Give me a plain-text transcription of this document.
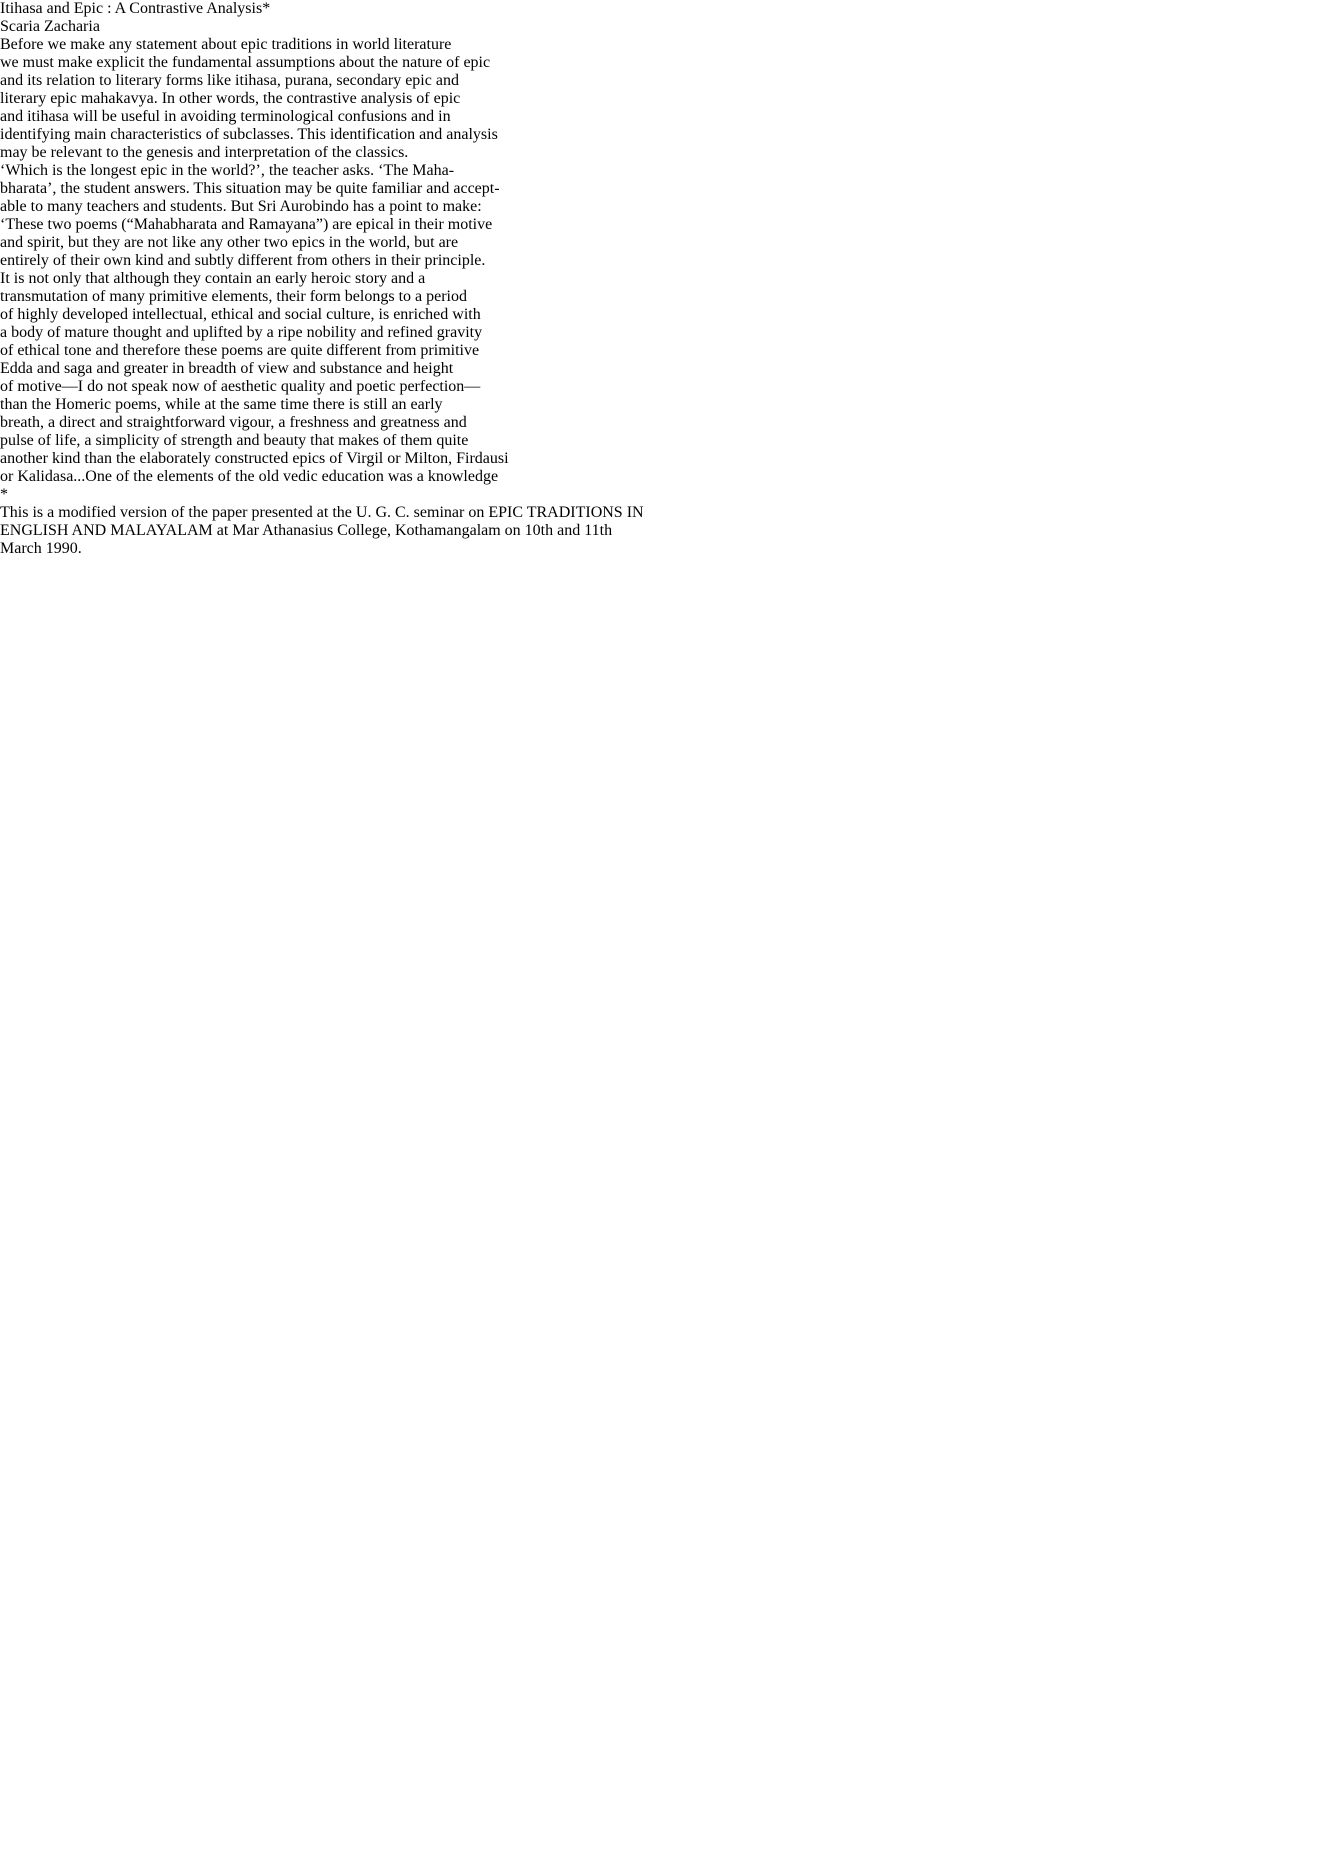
Itihasa and Epic : A Contrastive Analysis*
Scaria Zacharia
Before we make any statement about epic traditions in world literature
we must make explicit the fundamental assumptions about the nature of epic
and its relation to literary forms like itihasa, purana, secondary epic and
literary epic mahakavya. In other words, the contrastive analysis of epic
and itihasa will be useful in avoiding terminological confusions and in
identifying main characteristics of subclasses. This identification and analysis
may be relevant to the genesis and interpretation of the classics.
‘Which is the longest epic in the world?’, the teacher asks. ‘The Maha-
bharata’, the student answers. This situation may be quite familiar and accept-
able to many teachers and students. But Sri Aurobindo has a point to make:
‘These two poems (“Mahabharata and Ramayana”) are epical in their motive
and spirit, but they are not like any other two epics in the world, but are
entirely of their own kind and subtly different from others in their principle.
It is not only that although they contain an early heroic story and a
transmutation of many primitive elements, their form belongs to a period
of highly developed intellectual, ethical and social culture, is enriched with
a body of mature thought and uplifted by a ripe nobility and refined gravity
of ethical tone and therefore these poems are quite different from primitive
Edda and saga and greater in breadth of view and substance and height
of motive—I do not speak now of aesthetic quality and poetic perfection—
than the Homeric poems, while at the same time there is still an early
breath, a direct and straightforward vigour, a freshness and greatness and
pulse of life, a simplicity of strength and beauty that makes of them quite
another kind than the elaborately constructed epics of Virgil or Milton, Firdausi
or Kalidasa...One of the elements of the old vedic education was a knowledge
*
This is a modified version of the paper presented at the U. G. C. seminar on EPIC TRADITIONS IN
ENGLISH AND MALAYALAM at Mar Athanasius College, Kothamangalam on 10th and 11th
March 1990.
